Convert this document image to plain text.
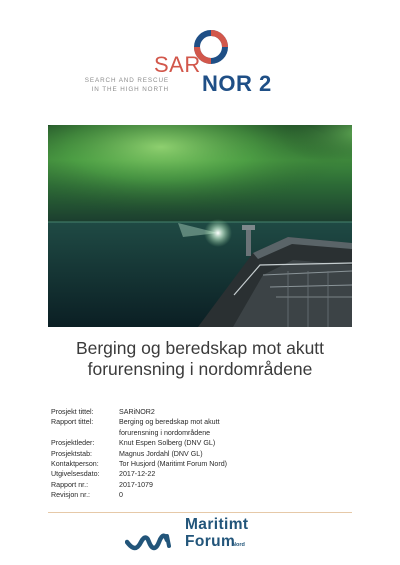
SAR
NOR 2
SEARCH AND RESCUE
IN THE HIGH NORTH
Berging og beredskap mot akutt
forurensning i nordområdene
Prosjekt tittel:	SARiNOR2
Rapport tittel:	Berging og beredskap mot akutt
forurensning i nordområdene
Prosjektleder:	Knut Espen Solberg (DNV GL)
Prosjektstab:	Magnus Jordahl (DNV GL)
Kontaktperson:	Tor Husjord (Maritimt Forum Nord)
Utgivelsesdato:	2017-12-22
Rapport nr.:	2017-1079
Revisjon nr.:	0
Maritimt
Forum
Nord
